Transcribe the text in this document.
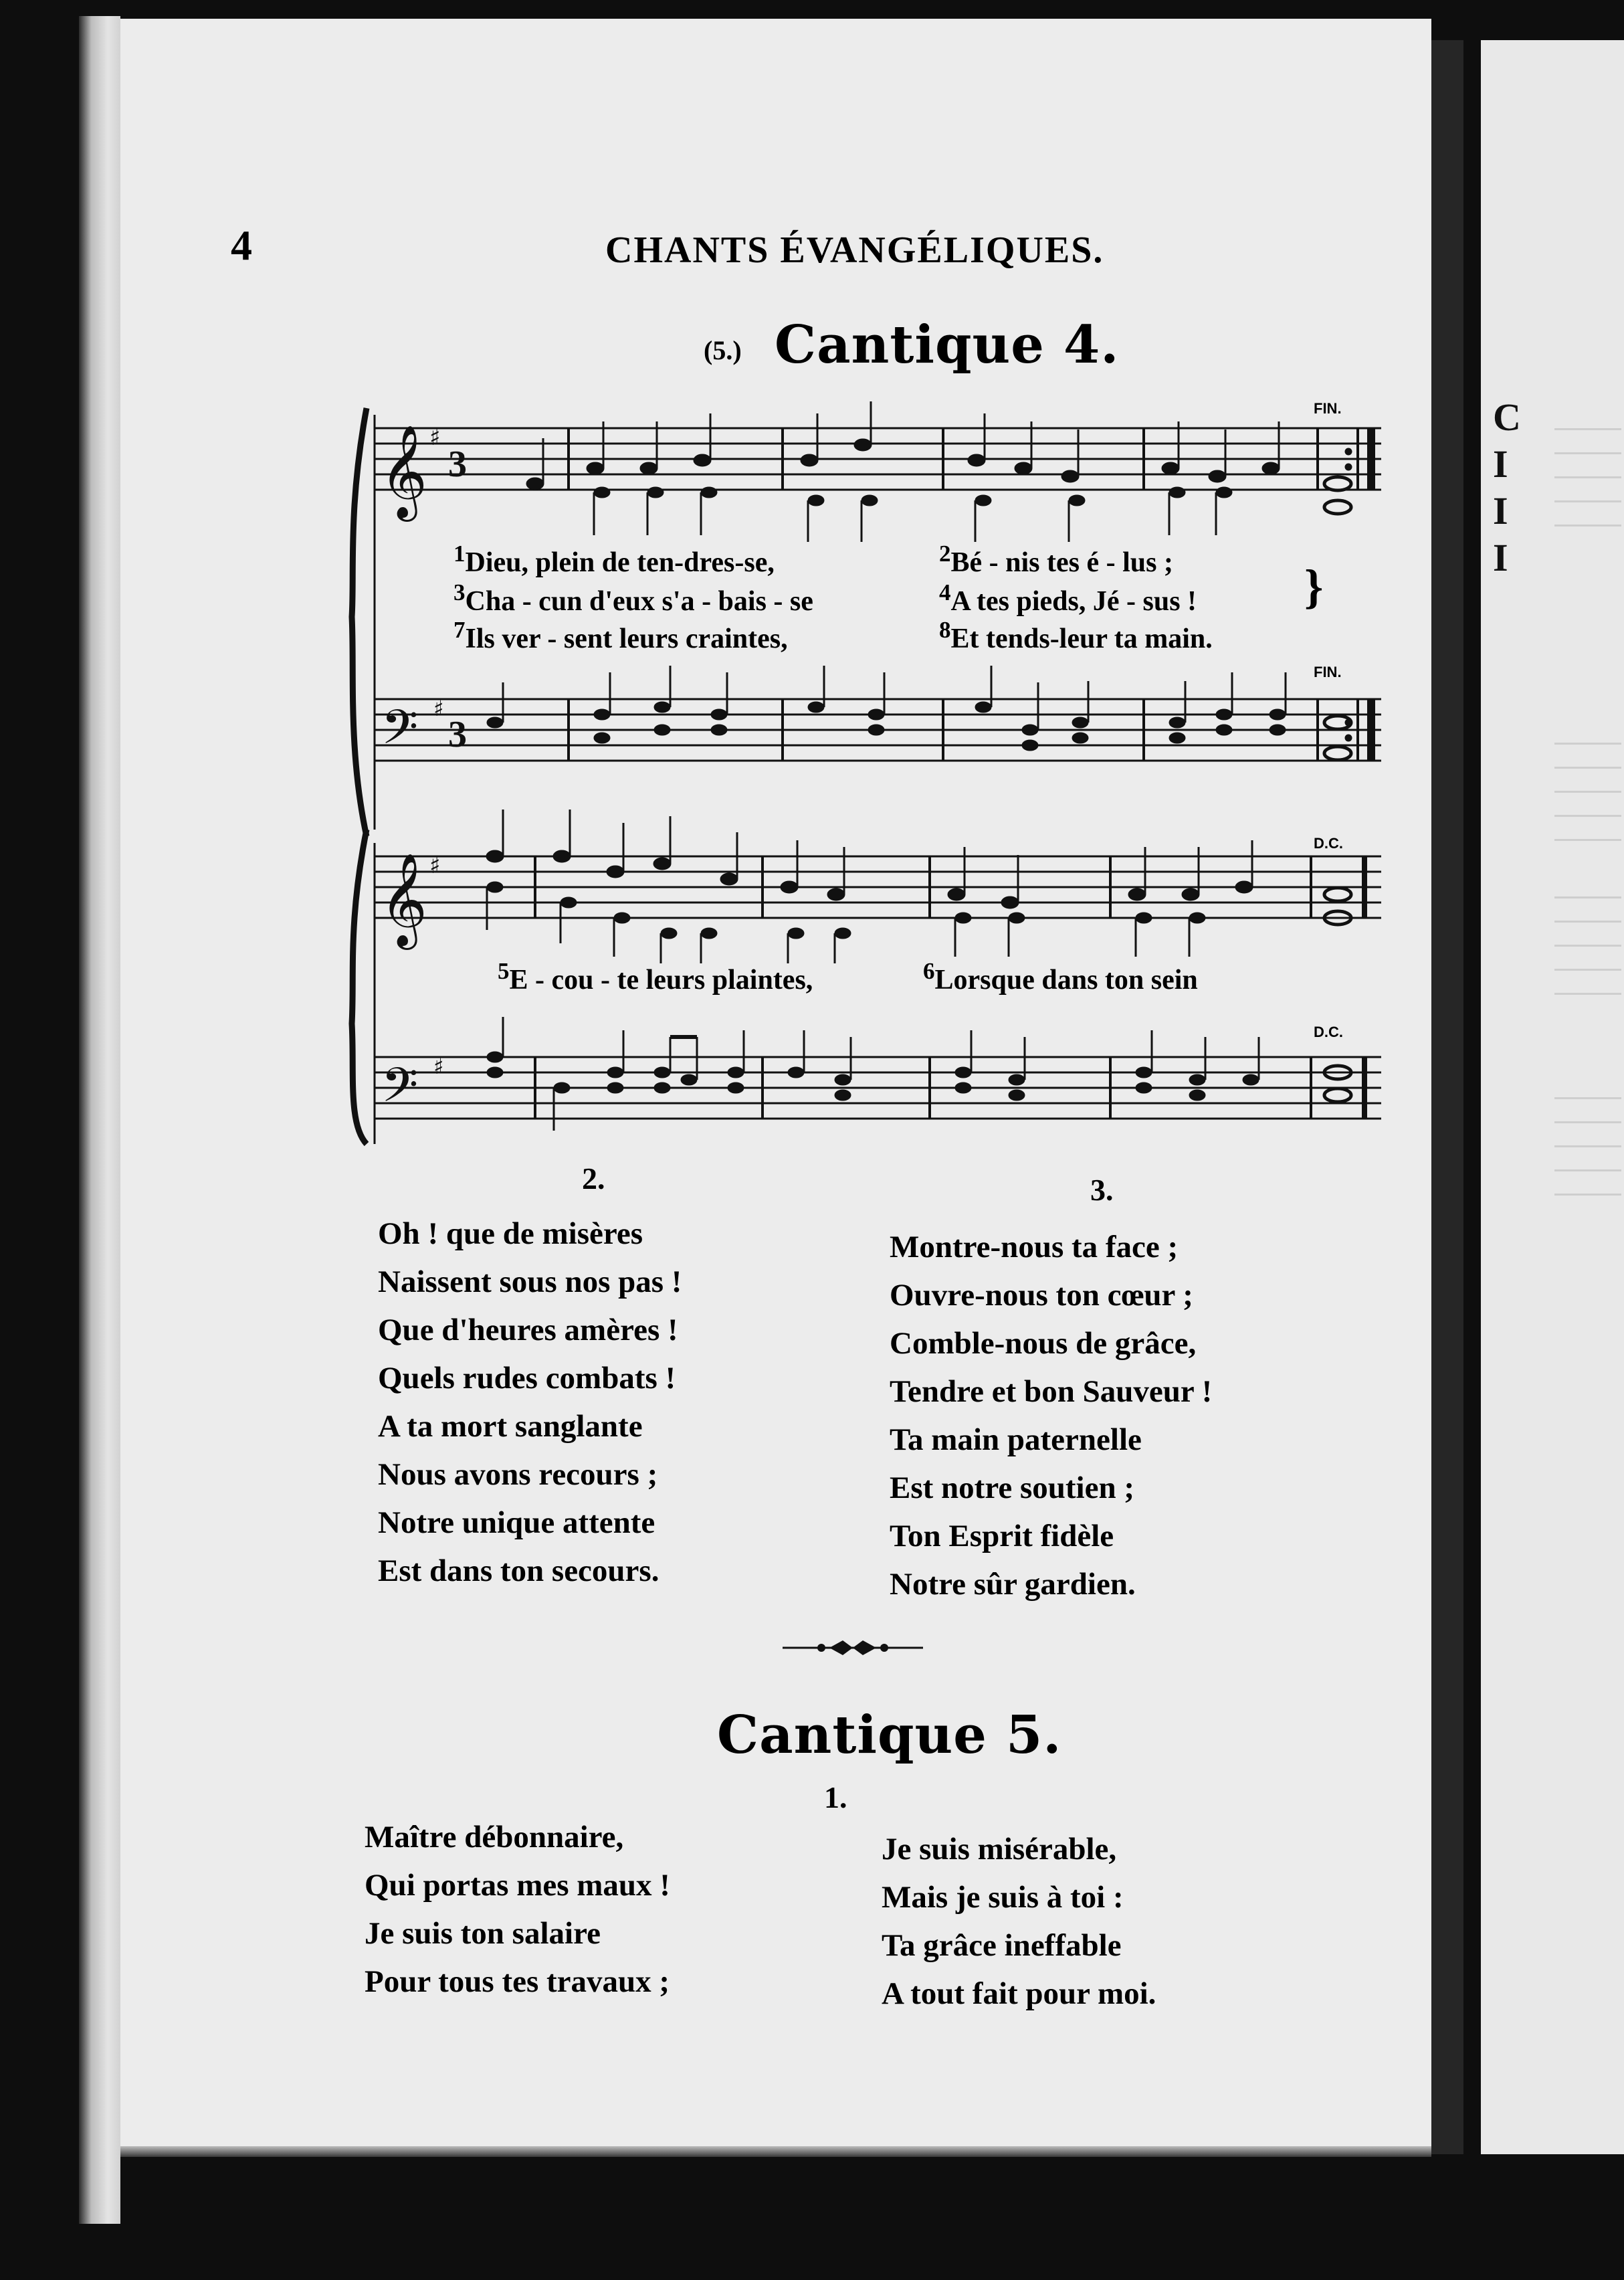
C
I
I
I
4	CHANTS ÉVANGÉLIQUES.
(5.) Cantique 4.
𝄞 ♯
3
𝄢 ♯
3
𝄞 ♯
𝄢 ♯
FIN.
FIN.
D.C.
D.C.
$^1$Dieu, plein de ten-dres-se,	$^2$Bé - nis tes é - lus ;
$^3$Cha - cun d'eux s'a - bais - se	$^4$A tes pieds, Jé - sus !
$^7$Ils ver - sent leurs craintes,	$^8$Et tends-leur ta main.
}
$^5$E - cou - te leurs plaintes,	$^6$Lorsque dans ton sein
2.	3.
Oh ! que de misères
Naissent sous nos pas !
Que d'heures amères !
Quels rudes combats !
A ta mort sanglante
Nous avons recours ;
Notre unique attente
Est dans ton secours.
Montre-nous ta face ;
Ouvre-nous ton cœur ;
Comble-nous de grâce,
Tendre et bon Sauveur !
Ta main paternelle
Est notre soutien ;
Ton Esprit fidèle
Notre sûr gardien.
Cantique 5.
1.
Maître débonnaire,
Qui portas mes maux !
Je suis ton salaire
Pour tous tes travaux ;
Je suis misérable,
Mais je suis à toi :
Ta grâce ineffable
A tout fait pour moi.
